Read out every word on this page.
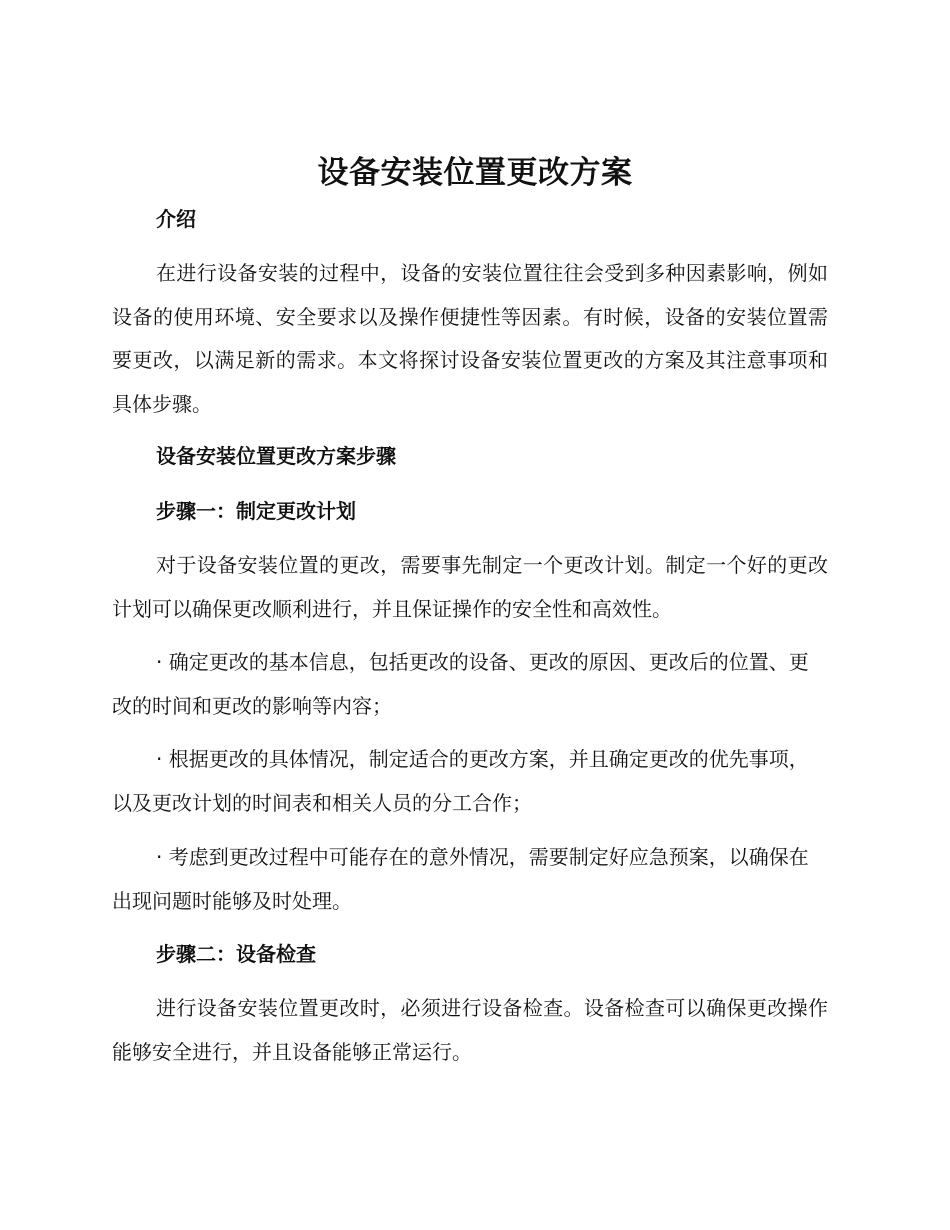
设备安装位置更改方案
介绍

在进行设备安装的过程中，设备的安装位置往往会受到多种因素影响，例如设备的使用环境、安全要求以及操作便捷性等因素。有时候，设备的安装位置需要更改，以满足新的需求。本文将探讨设备安装位置更改的方案及其注意事项和具体步骤。

设备安装位置更改方案步骤
步骤一：制定更改计划

对于设备安装位置的更改，需要事先制定一个更改计划。制定一个好的更改计划可以确保更改顺利进行，并且保证操作的安全性和高效性。

· 确定更改的基本信息，包括更改的设备、更改的原因、更改后的位置、更改的时间和更改的影响等内容；

· 根据更改的具体情况，制定适合的更改方案，并且确定更改的优先事项，以及更改计划的时间表和相关人员的分工合作；

· 考虑到更改过程中可能存在的意外情况，需要制定好应急预案，以确保在出现问题时能够及时处理。

步骤二：设备检查

进行设备安装位置更改时，必须进行设备检查。设备检查可以确保更改操作能够安全进行，并且设备能够正常运行。
